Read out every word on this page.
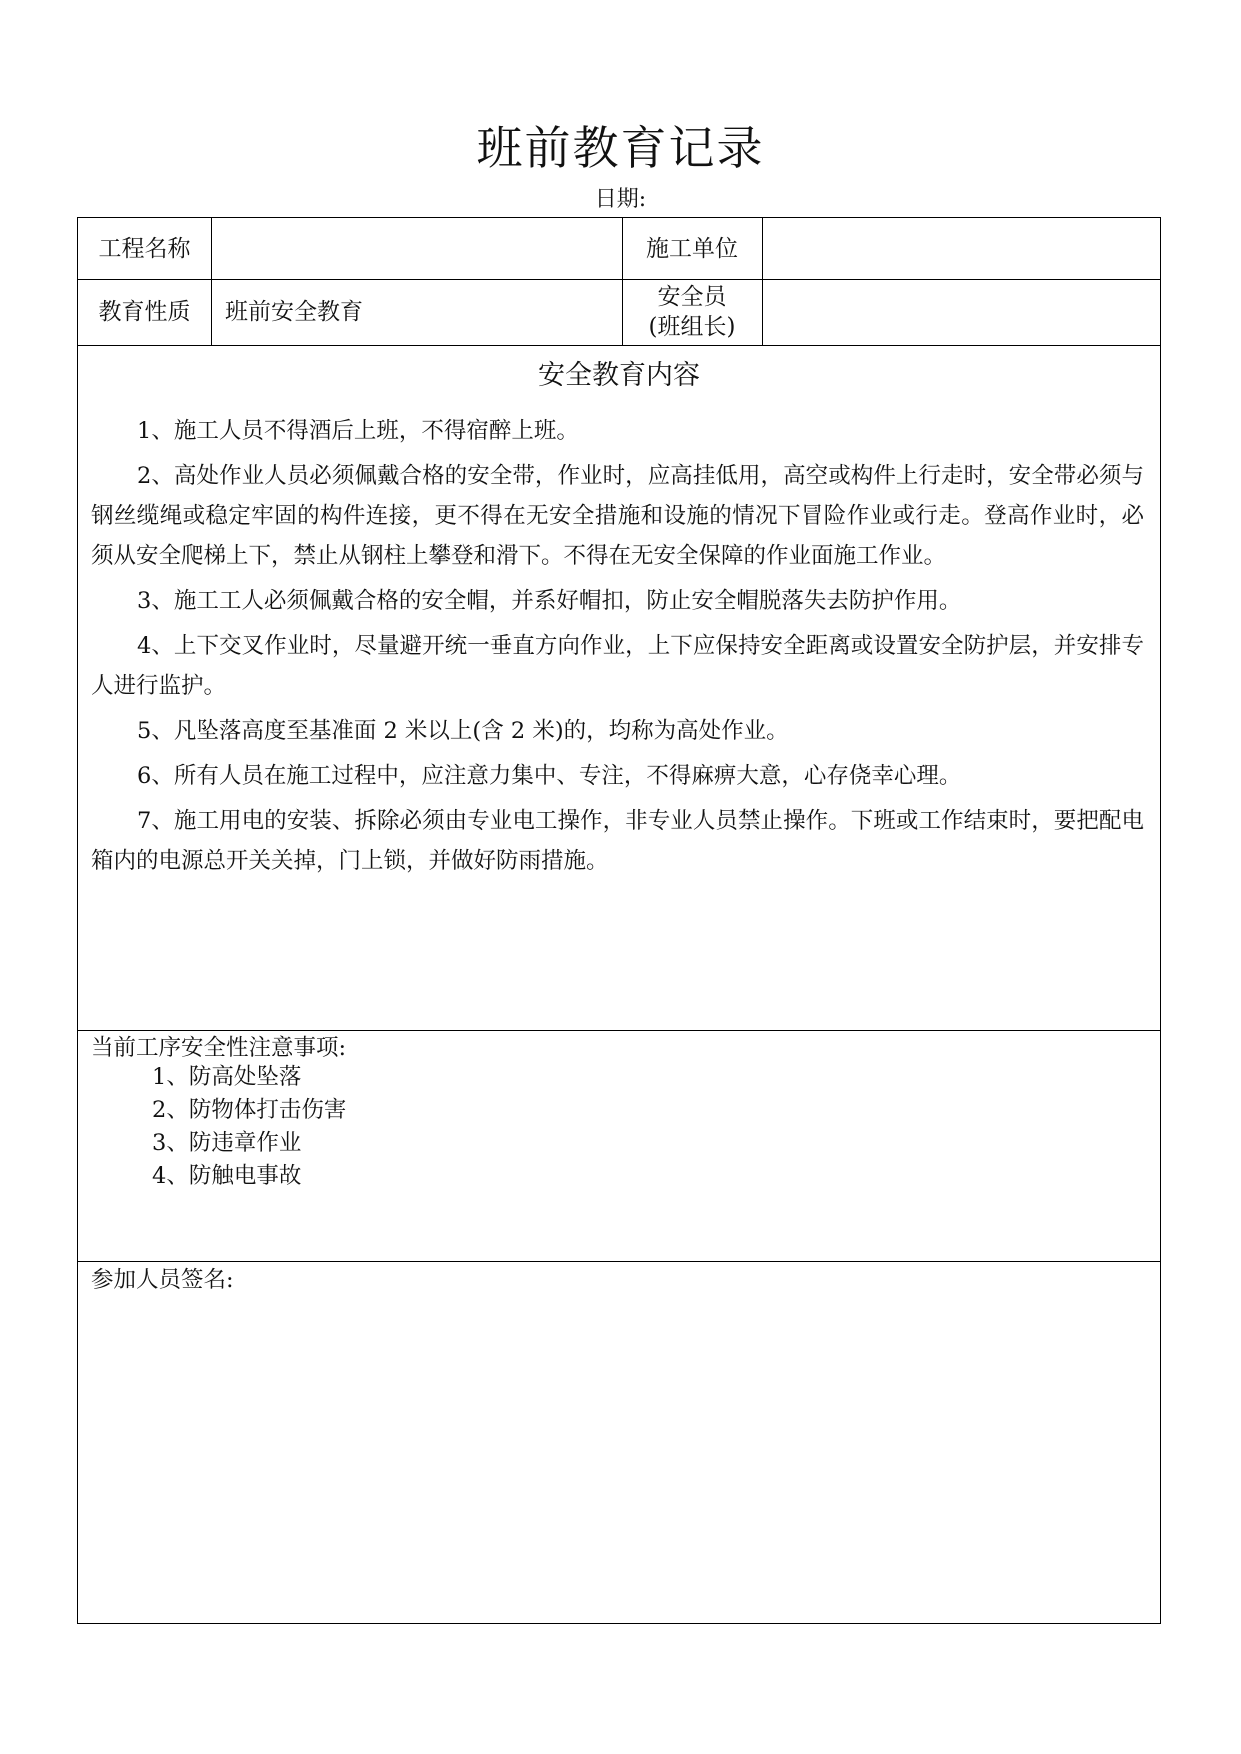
班前教育记录
日期:
工程名称	施工单位
教育性质	班前安全教育
安全员
(班组长)
安全教育内容

1、施工人员不得酒后上班，不得宿醉上班。

2、高处作业人员必须佩戴合格的安全带，作业时，应高挂低用，高空或构件上行走时，安全带必须与钢丝缆绳或稳定牢固的构件连接，更不得在无安全措施和设施的情况下冒险作业或行走。登高作业时，必须从安全爬梯上下，禁止从钢柱上攀登和滑下。不得在无安全保障的作业面施工作业。

3、施工工人必须佩戴合格的安全帽，并系好帽扣，防止安全帽脱落失去防护作用。

4、上下交叉作业时，尽量避开统一垂直方向作业，上下应保持安全距离或设置安全防护层，并安排专人进行监护。

5、凡坠落高度至基准面 2 米以上(含 2 米)的，均称为高处作业。

6、所有人员在施工过程中，应注意力集中、专注，不得麻痹大意，心存侥幸心理。

7、施工用电的安装、拆除必须由专业电工操作，非专业人员禁止操作。下班或工作结束时，要把配电箱内的电源总开关关掉，门上锁，并做好防雨措施。

当前工序安全性注意事项:
1、防高处坠落
2、防物体打击伤害
3、防违章作业
4、防触电事故
参加人员签名:
